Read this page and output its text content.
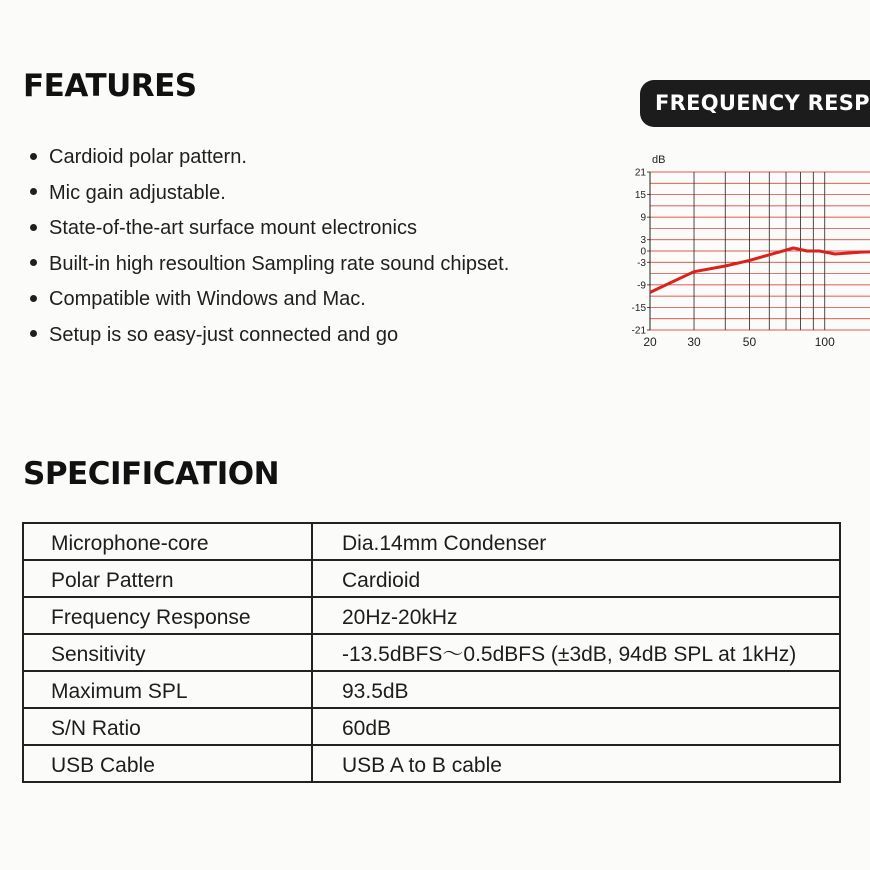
FEATURES
Cardioid polar pattern.
Mic gain adjustable.
State-of-the-art surface mount electronics
Built-in high resoultion Sampling rate sound chipset.
Compatible with Windows and Mac.
Setup is so easy-just connected and go
FREQUENCY RESP
21
15
9
3
0
-3
-9
-15
-21
dB
20	30	50	100
SPECIFICATION
Microphone-core	Dia.14mm Condenser
Polar Pattern	Cardioid
Frequency Response	20Hz-20kHz
Sensitivity	-13.5dBFS～0.5dBFS (±3dB, 94dB SPL at 1kHz)
Maximum SPL	93.5dB
S/N Ratio	60dB
USB Cable	USB A to B cable
